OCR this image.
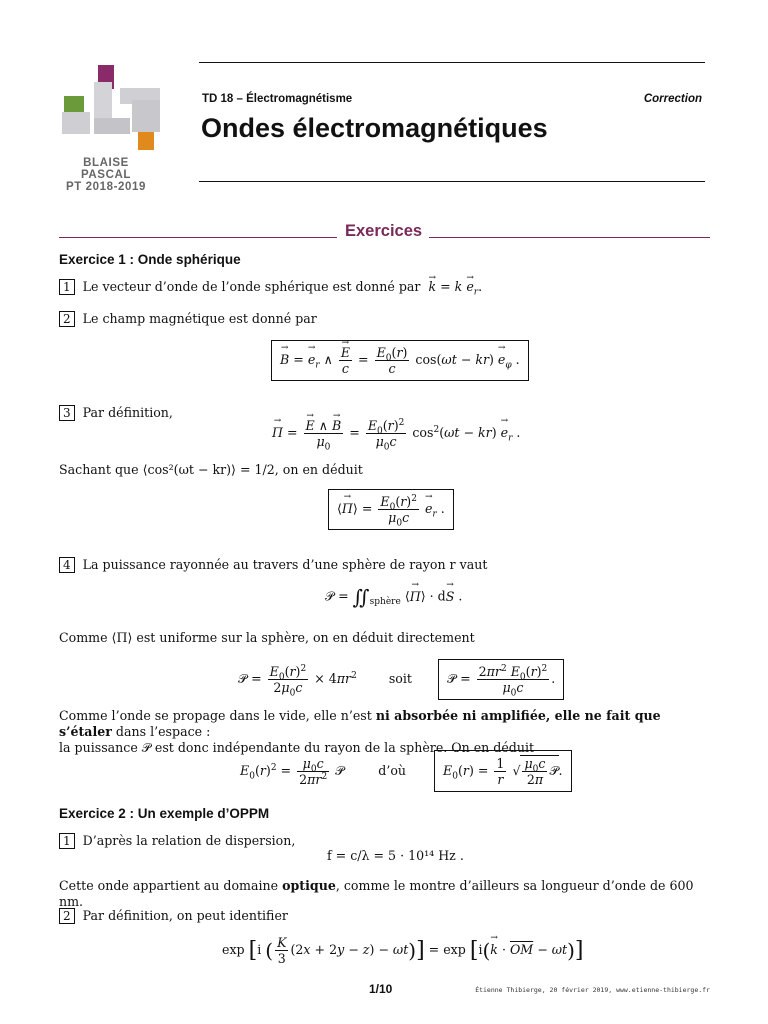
BLAISE PASCAL
PT 2018-2019
TD 18 – Électromagnétisme	Correction
Ondes électromagnétiques
Exercices
Exercice 1 : Onde sphérique
1 Le vecteur d’onde de l’onde sphérique est donné par → $k = k \to e_r$.
2 Le champ magnétique est donné par
→ B = → $e_r$ ∧ → $\frac{E}{c} = \frac{E_0(r)}{c} \cos(\omega t - kr) \to e_\varphi$ .
3 Par définition,
→ Π = → $\frac{E \wedge \to B}{\mu_0} = \frac{E_0(r)^2}{\mu_0c} \cos^2(\omega t - kr) \to e_r$ .
Sachant que ⟨cos²(ωt − kr)⟩ = 1/2, on en déduit
⟨→ Π⟩ = $\frac{E_0(r)^2}{\mu_0c} \to e_r$ .
4 La puissance rayonnée au travers d’une sphère de rayon r vaut
𝒫 = $∬_{sphère}$ ⟨→ Π⟩ · d→ S .
Comme ⟨Π⟩ est uniforme sur la sphère, on en déduit directement
𝒫 = $\frac{E_0(r)^2}{2\mu_0c} \times 4\pi r^2$	soit	𝒫 = $\frac{2\pi r^2 E_0(r)^2}{\mu_0c}$ .
Comme l’onde se propage dans le vide, elle n’est ni absorbée ni amplifiée, elle ne fait que s’étaler dans l’espace :
la puissance 𝒫 est donc indépendante du rayon de la sphère. On en déduit
$E_0(r)^2 = \frac{\mu_0c}{2\pi r^2}$ 𝒫 d’où	$E_0(r) = \frac{1}{r}$ √ $\frac{\mu_0c}{2\pi}$ 𝒫.
Exercice 2 : Un exemple d’OPPM
1 D’après la relation de dispersion,
f = c/λ = 5 · 10¹⁴ Hz .
Cette onde appartient au domaine optique, comme le montre d’ailleurs sa longueur d’onde de 600 nm.
2 Par définition, on peut identifier
exp [i ( $\frac{K}{3} (2x + 2y - z) - \omega t)] = \exp [i(\to k \cdot \overline{OM} - \omega t)]$
1/10	Étienne Thibierge, 20 février 2019, www.etienne-thibierge.fr
